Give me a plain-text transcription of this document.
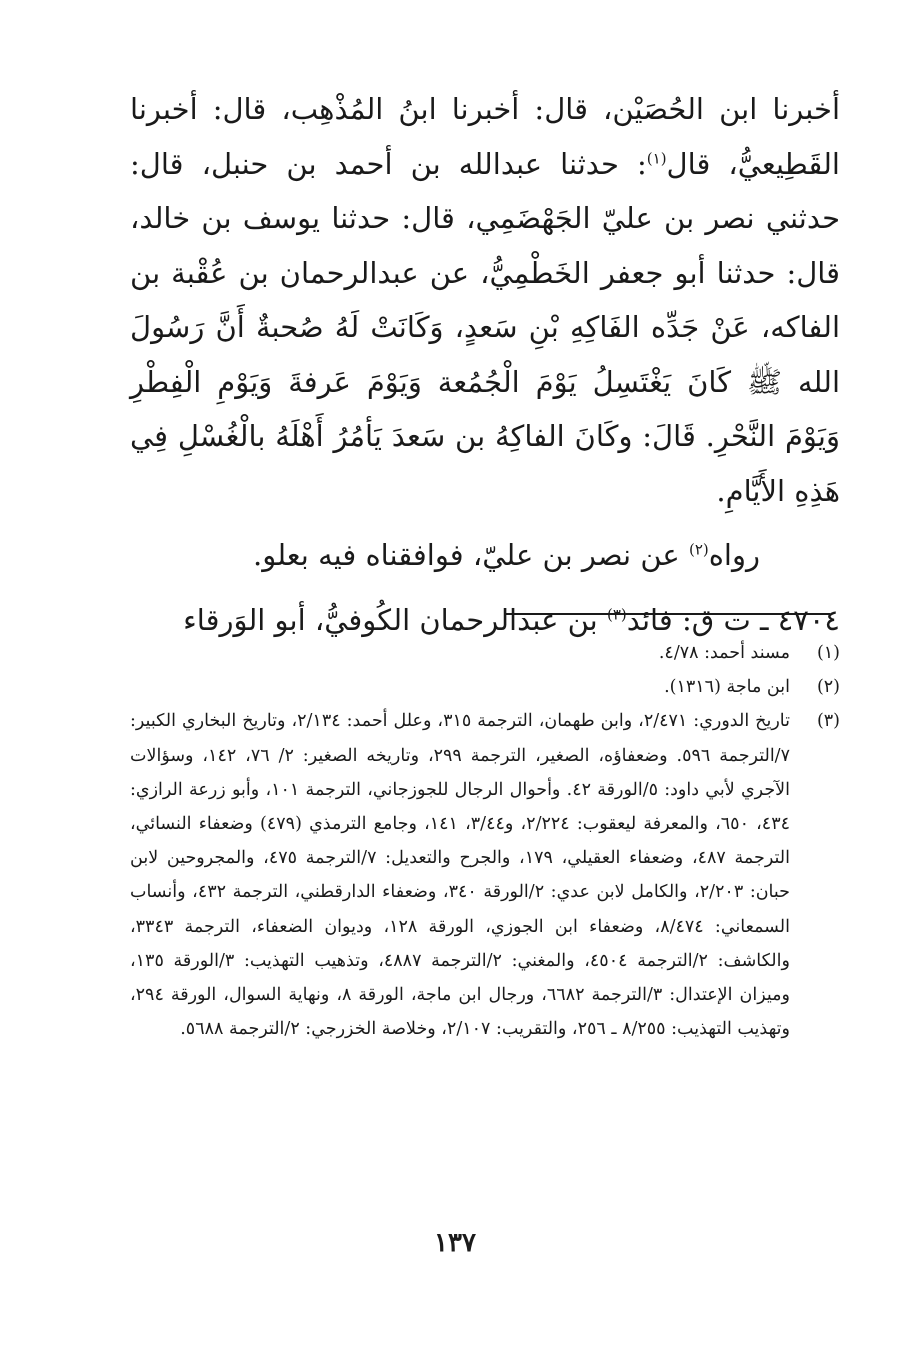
أخبرنا ابن الحُصَيْن، قال: أخبرنا ابنُ المُذْهِب، قال: أخبرنا القَطِيعيُّ، قال$^{(١)}$: حدثنا عبدالله بن أحمد بن حنبل، قال: حدثني نصر بن عليّ الجَهْضَمِي، قال: حدثنا يوسف بن خالد، قال: حدثنا أبو جعفر الخَطْمِيُّ، عن عبدالرحمان بن عُقْبة بن الفاكه، عَنْ جَدِّه الفَاكِهِ بْنِ سَعدٍ، وَكَانَتْ لَهُ صُحبةٌ أَنَّ رَسُولَ الله ﷺ كَانَ يَغْتَسِلُ يَوْمَ الْجُمُعة وَيَوْمَ عَرفةَ وَيَوْمِ الْفِطْرِ وَيَوْمَ النَّحْرِ. قَالَ: وكَانَ الفاكِهُ بن سَعدَ يَأمُرُ أَهْلَهُ بالْغُسْلِ فِي هَذِهِ الأَيَّامِ.

رواه$^{(٢)}$ عن نصر بن عليّ، فوافقناه فيه بعلو.

٤٧٠٤ ـ ت ق: فائد$^{(٣)}$ بن عبدالرحمان الكُوفيُّ، أبو الوَرقاء

(١)
مسند أحمد: ٤/٧٨.
(٢)
ابن ماجة (١٣١٦).
(٣)
تاريخ الدوري: ٢/٤٧١، وابن طهمان، الترجمة ٣١٥، وعلل أحمد: ٢/١٣٤، وتاريخ البخاري الكبير: ٧/الترجمة ٥٩٦. وضعفاؤه، الصغير، الترجمة ٢٩٩، وتاريخه الصغير: ٢/ ٧٦، ١٤٢، وسؤالات الآجري لأبي داود: ٥/الورقة ٤٢. وأحوال الرجال للجوزجاني، الترجمة ١٠١، وأبو زرعة الرازي: ٤٣٤، ٦٥٠، والمعرفة ليعقوب: ٢/٢٢٤، و٣/٤٤، ١٤١، وجامع الترمذي (٤٧٩) وضعفاء النسائي، الترجمة ٤٨٧، وضعفاء العقيلي، ١٧٩، والجرح والتعديل: ٧/الترجمة ٤٧٥، والمجروحين لابن حبان: ٢/٢٠٣، والكامل لابن عدي: ٢/الورقة ٣٤٠، وضعفاء الدارقطني، الترجمة ٤٣٢، وأنساب السمعاني: ٨/٤٧٤، وضعفاء ابن الجوزي، الورقة ١٢٨، وديوان الضعفاء، الترجمة ٣٣٤٣، والكاشف: ٢/الترجمة ٤٥٠٤، والمغني: ٢/الترجمة ٤٨٨٧، وتذهيب التهذيب: ٣/الورقة ١٣٥، وميزان الإعتدال: ٣/الترجمة ٦٦٨٢، ورجال ابن ماجة، الورقة ٨، ونهاية السوال، الورقة ٢٩٤، وتهذيب التهذيب: ٨/٢٥٥ ـ ٢٥٦، والتقريب: ٢/١٠٧، وخلاصة الخزرجي: ٢/الترجمة ٥٦٨٨.
١٣٧
